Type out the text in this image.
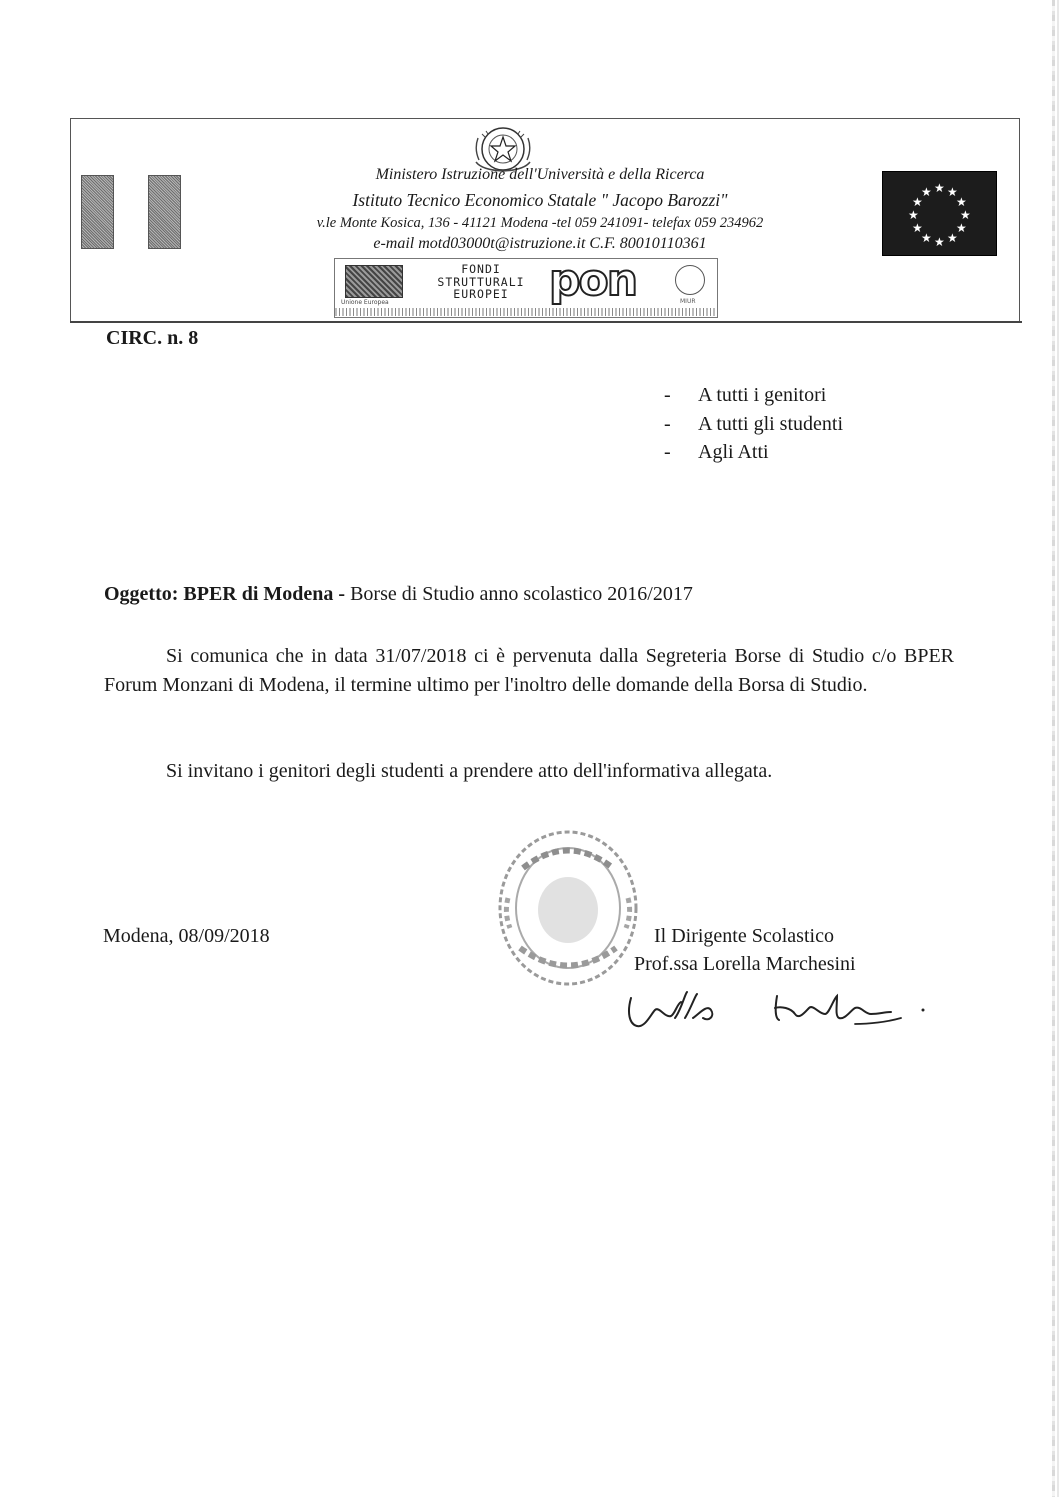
Ministero Istruzione dell'Università e della Ricerca
Istituto Tecnico Economico Statale " Jacopo Barozzi"
v.le Monte Kosica, 136 - 41121 Modena -tel 059 241091- telefax 059 234962
e-mail motd03000t@istruzione.it C.F. 80010110361
★ ★
★
★
★
★
★
★
★
★
★
★
Unione Europea
FONDI
STRUTTURALI
EUROPEI pon	MIUR
CIRC. n. 8
- A tutti i genitori
- A tutti gli studenti
- Agli Atti
Oggetto: BPER di Modena - Borse di Studio anno scolastico 2016/2017
Si comunica che in data 31/07/2018 ci è pervenuta dalla Segreteria Borse di Studio c/o BPER Forum Monzani di Modena, il termine ultimo per l'inoltro delle domande della Borsa di Studio.
Si invitano i genitori degli studenti a prendere atto dell'informativa allegata.
Modena, 08/09/2018	Il Dirigente Scolastico
Prof.ssa Lorella Marchesini
